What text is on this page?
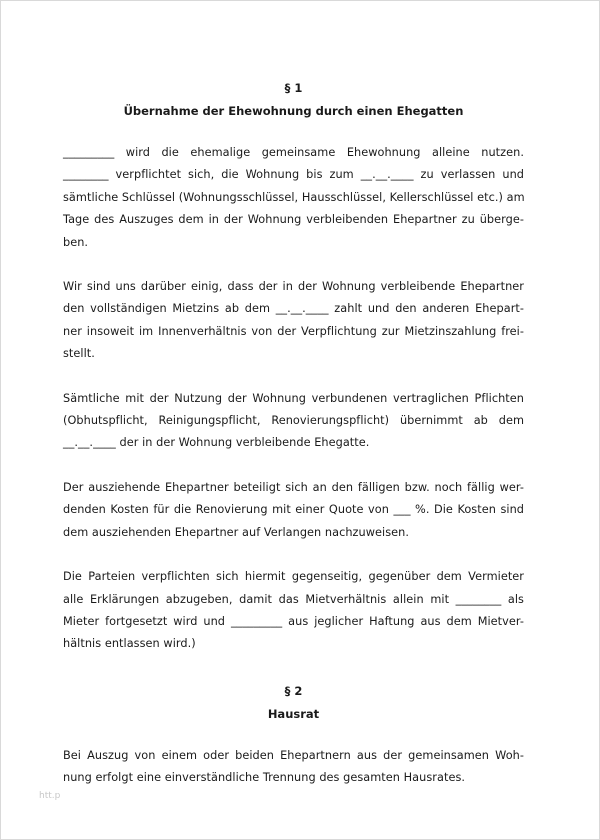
§ 1

Übernahme der Ehewohnung durch einen Ehegatten

_________ wird die ehemalige gemeinsame Ehewohnung alleine nutzen.
________ verpflichtet sich, die Wohnung bis zum __.__.____ zu verlassen und
sämtliche Schlüssel (Wohnungsschlüssel, Hausschlüssel, Kellerschlüssel etc.) am
Tage des Auszuges dem in der Wohnung verbleibenden Ehepartner zu überge-
ben.

Wir sind uns darüber einig, dass der in der Wohnung verbleibende Ehepartner
den vollständigen Mietzins ab dem __.__.____ zahlt und den anderen Ehepart-
ner insoweit im Innenverhältnis von der Verpflichtung zur Mietzinszahlung frei-
stellt.

Sämtliche mit der Nutzung der Wohnung verbundenen vertraglichen Pflichten
(Obhutspflicht, Reinigungspflicht, Renovierungspflicht) übernimmt ab dem
__.__.____ der in der Wohnung verbleibende Ehegatte.

Der ausziehende Ehepartner beteiligt sich an den fälligen bzw. noch fällig wer-
denden Kosten für die Renovierung mit einer Quote von ___ %. Die Kosten sind
dem ausziehenden Ehepartner auf Verlangen nachzuweisen.

Die Parteien verpflichten sich hiermit gegenseitig, gegenüber dem Vermieter
alle Erklärungen abzugeben, damit das Mietverhältnis allein mit ________ als
Mieter fortgesetzt wird und _________ aus jeglicher Haftung aus dem Mietver-
hältnis entlassen wird.)

§ 2

Hausrat

Bei Auszug von einem oder beiden Ehepartnern aus der gemeinsamen Woh-
nung erfolgt eine einverständliche Trennung des gesamten Hausrates.

htt.p
